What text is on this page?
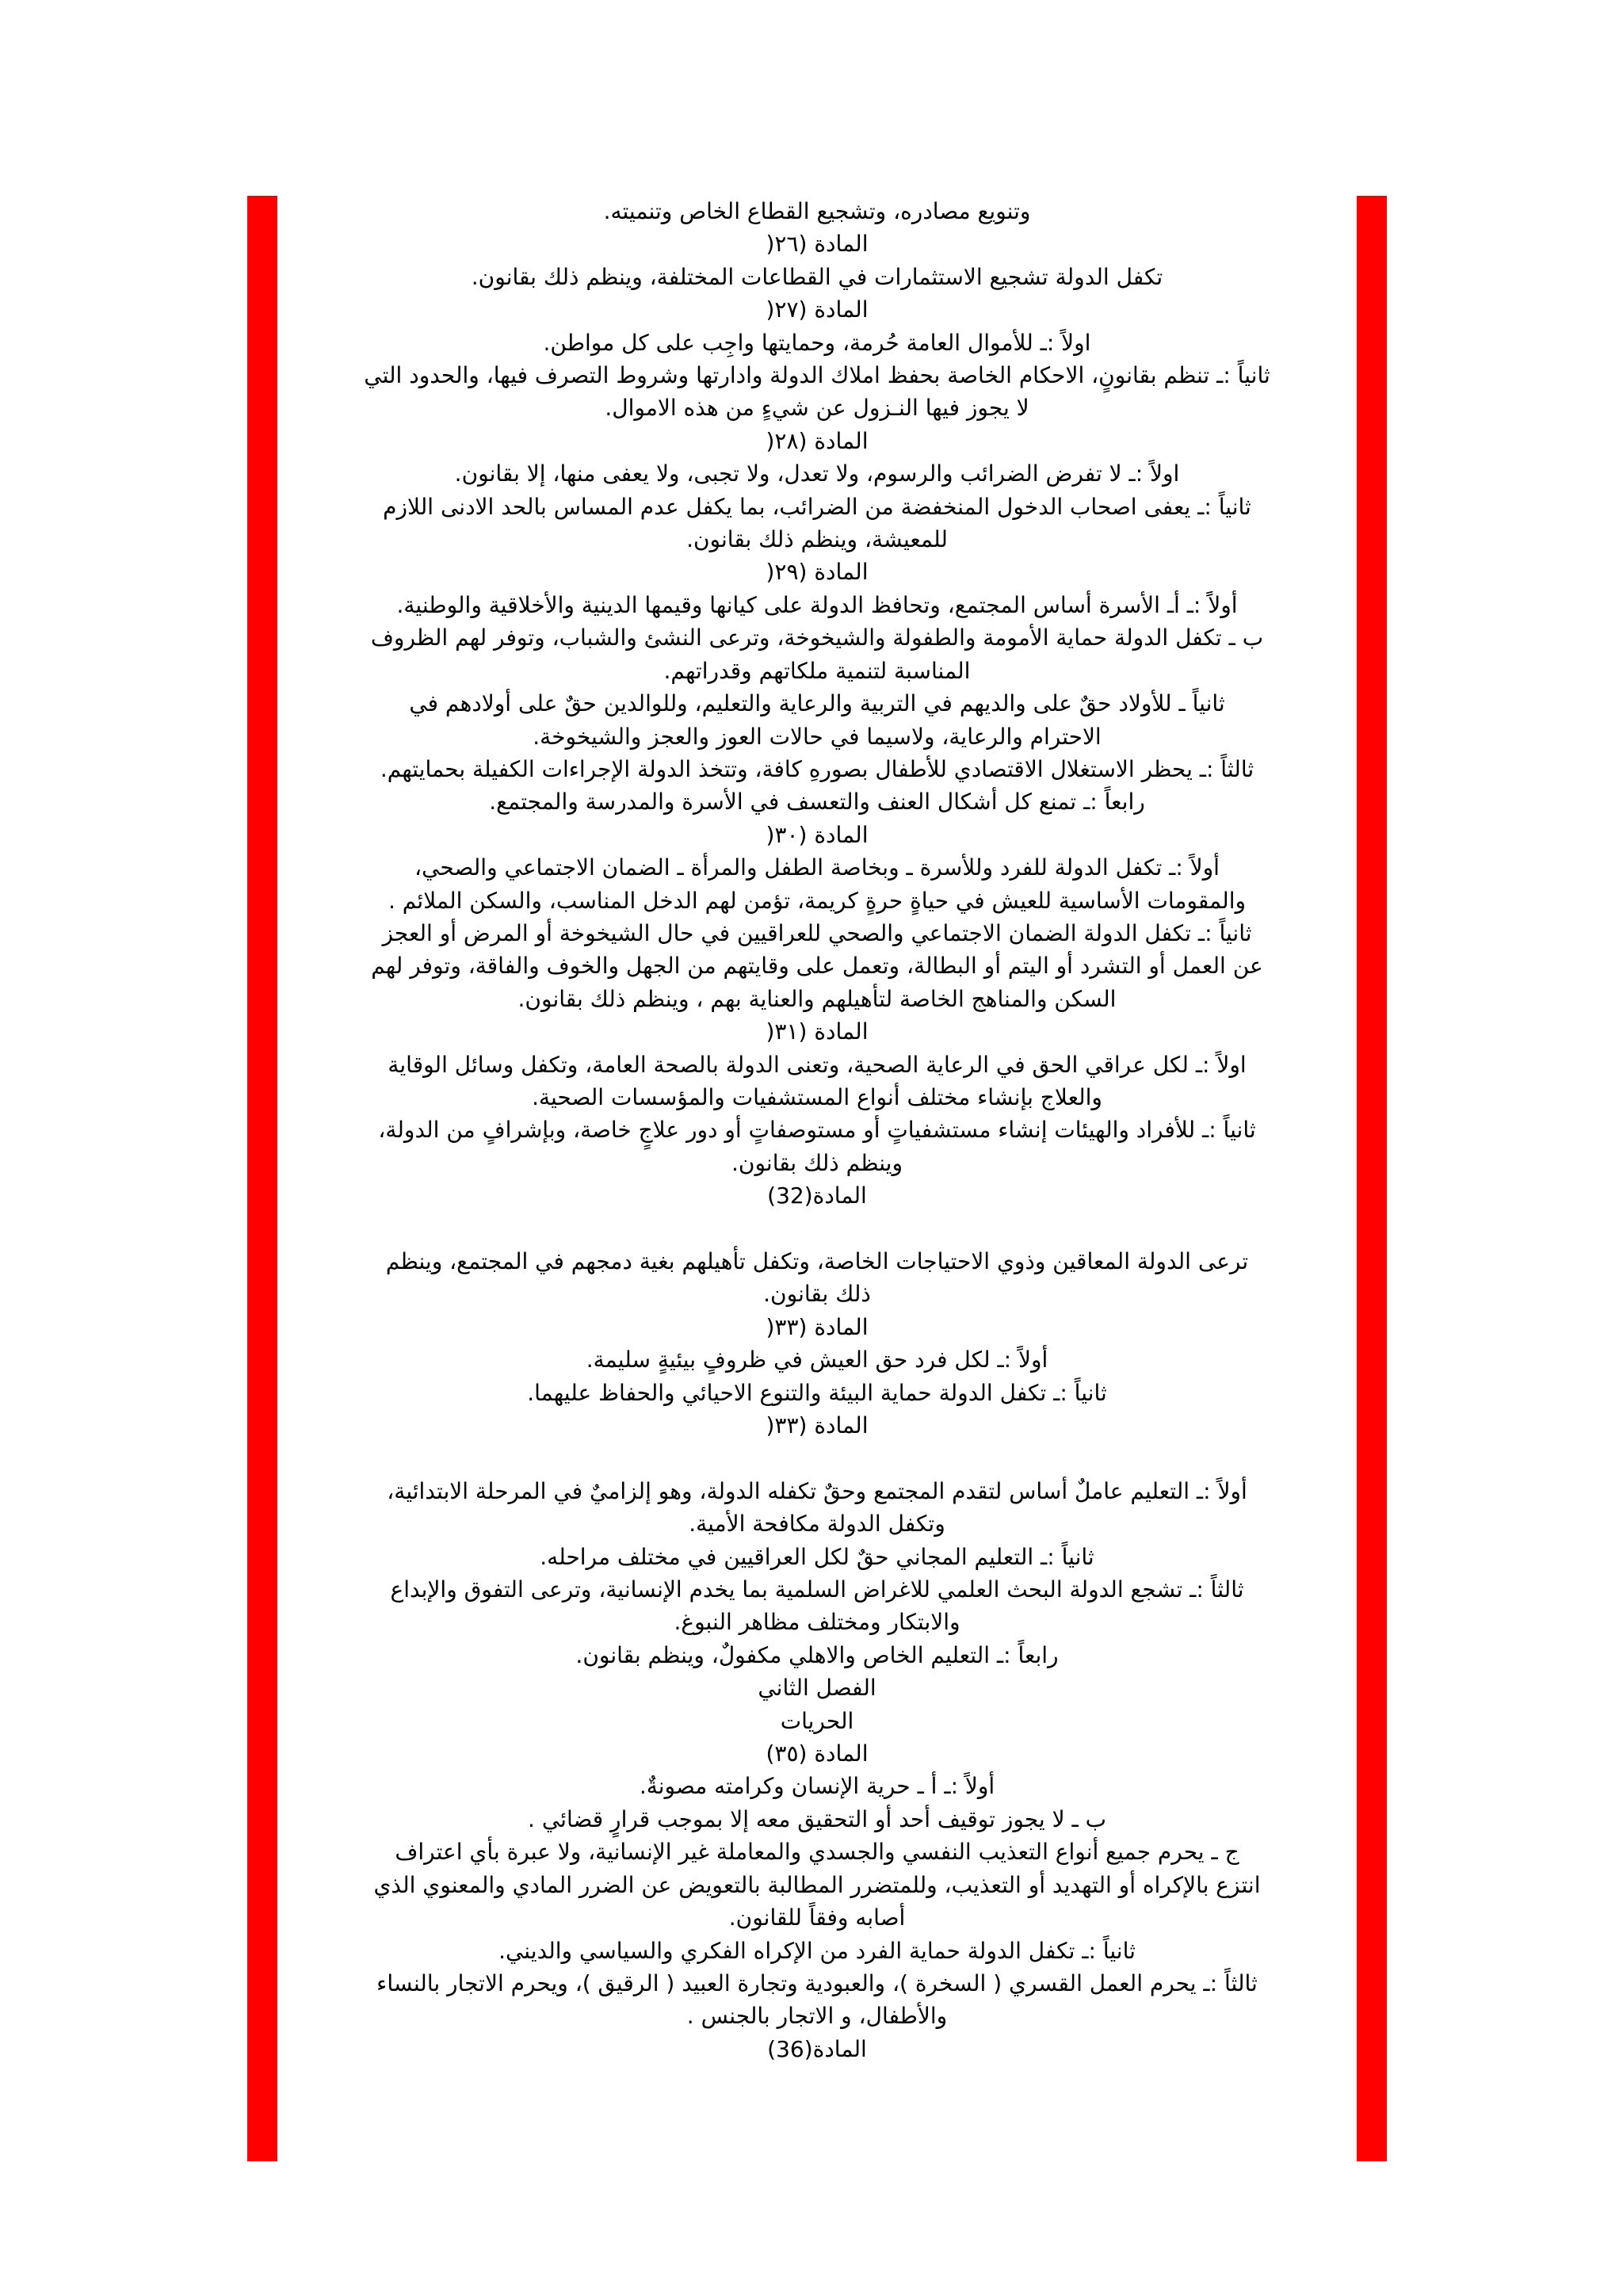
وتنويع مصادره، وتشجيع القطاع الخاص وتنميته.
المادة (٢٦(
تكفل الدولة تشجيع الاستثمارات في القطاعات المختلفة، وينظم ذلك بقانون.
المادة (٢٧(
اولاً :ـ للأموال العامة حُرمة، وحمايتها واجِب على كل مواطن.
ثانياً :ـ تنظم بقانونٍ، الاحكام الخاصة بحفظ املاك الدولة وادارتها وشروط التصرف فيها، والحدود التي
لا يجوز فيها النـزول عن شيءٍ من هذه الاموال.
المادة (٢٨(
اولاً :ـ لا تفرض الضرائب والرسوم، ولا تعدل، ولا تجبى، ولا يعفى منها، إلا بقانون.
ثانياً :ـ يعفى اصحاب الدخول المنخفضة من الضرائب، بما يكفل عدم المساس بالحد الادنى اللازم
للمعيشة، وينظم ذلك بقانون.
المادة (٢٩(
أولاًً :ـ أـ الأسرة أساس المجتمع، وتحافظ الدولة على كيانها وقيمها الدينية والأخلاقية والوطنية.
ب ـ تكفل الدولة حماية الأمومة والطفولة والشيخوخة، وترعى النشئ والشباب، وتوفر لهم الظروف
المناسبة لتنمية ملكاتهم وقدراتهم.
ثانياً ـ للأولاد حقٌ على والديهم في التربية والرعاية والتعليم، وللوالدين حقٌ على أولادهم في
الاحترام والرعاية، ولاسيما في حالات العوز والعجز والشيخوخة.
ثالثاً :ـ يحظر الاستغلال الاقتصادي للأطفال بصورهِ كافة، وتتخذ الدولة الإجراءات الكفيلة بحمايتهم.
رابعاً :ـ تمنع كل أشكال العنف والتعسف في الأسرة والمدرسة والمجتمع.
المادة (٣٠(
أولاً :ـ تكفل الدولة للفرد وللأسرة ـ وبخاصة الطفل والمرأة ـ الضمان الاجتماعي والصحي،
والمقومات الأساسية للعيش في حياةٍ حرةٍ كريمة، تؤمن لهم الدخل المناسب، والسكن الملائم .
ثانياً :ـ تكفل الدولة الضمان الاجتماعي والصحي للعراقيين في حال الشيخوخة أو المرض أو العجز
عن العمل أو التشرد أو اليتم أو البطالة، وتعمل على وقايتهم من الجهل والخوف والفاقة، وتوفر لهم
السكن والمناهج الخاصة لتأهيلهم والعناية بهم ، وينظم ذلك بقانون.
المادة (٣١(
اولاً :ـ لكل عراقي الحق في الرعاية الصحية، وتعنى الدولة بالصحة العامة، وتكفل وسائل الوقاية
والعلاج بإنشاء مختلف أنواع المستشفيات والمؤسسات الصحية.
ثانياً :ـ للأفراد والهيئات إنشاء مستشفياتٍ أو مستوصفاتٍ أو دور علاجٍ خاصة، وبإشرافٍ من الدولة،
وينظم ذلك بقانون.
المادة(32)
ترعى الدولة المعاقين وذوي الاحتياجات الخاصة، وتكفل تأهيلهم بغية دمجهم في المجتمع، وينظم
ذلك بقانون.
المادة (٣٣(
أولاً :ـ لكل فرد حق العيش في ظروفٍ بيئيةٍ سليمة.
ثانياً :ـ تكفل الدولة حماية البيئة والتنوع الاحيائي والحفاظ عليهما.
المادة (٣٣(
أولاً :ـ التعليم عاملٌ أساس لتقدم المجتمع وحقٌ تكفله الدولة، وهو إلزاميٌ في المرحلة الابتدائية،
وتكفل الدولة مكافحة الأمية.
ثانياً :ـ التعليم المجاني حقٌ لكل العراقيين في مختلف مراحله.
ثالثاً :ـ تشجع الدولة البحث العلمي للاغراض السلمية بما يخدم الإنسانية، وترعى التفوق والإبداع
والابتكار ومختلف مظاهر النبوغ.
رابعاً :ـ التعليم الخاص والاهلي مكفولٌ، وينظم بقانون.
الفصل الثاني
الحريات
المادة (٣٥)
أولاً :ـ أ ـ حرية الإنسان وكرامته مصونةٌ.
ب ـ لا يجوز توقيف أحد أو التحقيق معه إلا بموجب قرارٍ قضائي .
ج ـ يحرم جميع أنواع التعذيب النفسي والجسدي والمعاملة غير الإنسانية، ولا عبرة بأي اعتراف
انتزع بالإكراه أو التهديد أو التعذيب، وللمتضرر المطالبة بالتعويض عن الضرر المادي والمعنوي الذي
أصابه وفقاً للقانون.
ثانياً :ـ تكفل الدولة حماية الفرد من الإكراه الفكري والسياسي والديني.
ثالثاً :ـ يحرم العمل القسري ( السخرة )، والعبودية وتجارة العبيد ( الرقيق )، ويحرم الاتجار بالنساء
والأطفال، و الاتجار بالجنس .
المادة(36)
